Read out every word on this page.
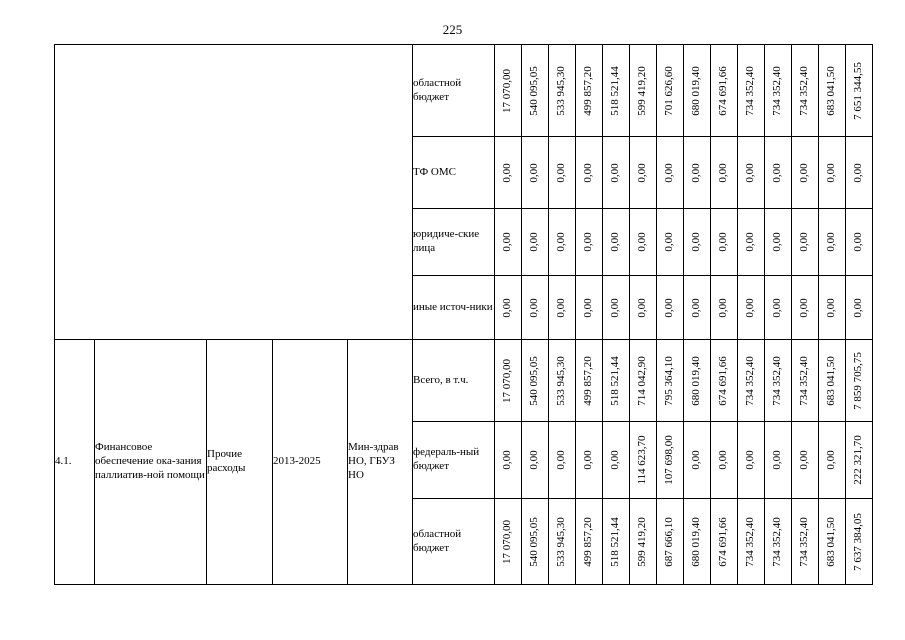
225
					областной бюджет	17 070,00	540 095,05	533 945,30	499 857,20	518 521,44	599 419,20	701 626,60	680 019,40	674 691,66	734 352,40	734 352,40	734 352,40	683 041,50	7 651 344,55

					ТФ ОМС	0,00	0,00	0,00	0,00	0,00	0,00	0,00	0,00	0,00	0,00	0,00	0,00	0,00	0,00

					юридиче-ские лица	0,00	0,00	0,00	0,00	0,00	0,00	0,00	0,00	0,00	0,00	0,00	0,00	0,00	0,00

					иные источ-ники	0,00	0,00	0,00	0,00	0,00	0,00	0,00	0,00	0,00	0,00	0,00	0,00	0,00	0,00

4.1.	Финансовое обеспечение ока-зания паллиатив-ной помощи	Прочие расходы	2013-2025	Мин-здрав НО, ГБУЗ НО	Всего, в т.ч.	17 070,00	540 095,05	533 945,30	499 857,20	518 521,44	714 042,90	795 364,10	680 019,40	674 691,66	734 352,40	734 352,40	734 352,40	683 041,50	7 859 705,75

					федераль-ный бюджет	0,00	0,00	0,00	0,00	0,00	114 623,70	107 698,00	0,00	0,00	0,00	0,00	0,00	0,00	222 321,70

					областной бюджет	17 070,00	540 095,05	533 945,30	499 857,20	518 521,44	599 419,20	687 666,10	680 019,40	674 691,66	734 352,40	734 352,40	734 352,40	683 041,50	7 637 384,05
